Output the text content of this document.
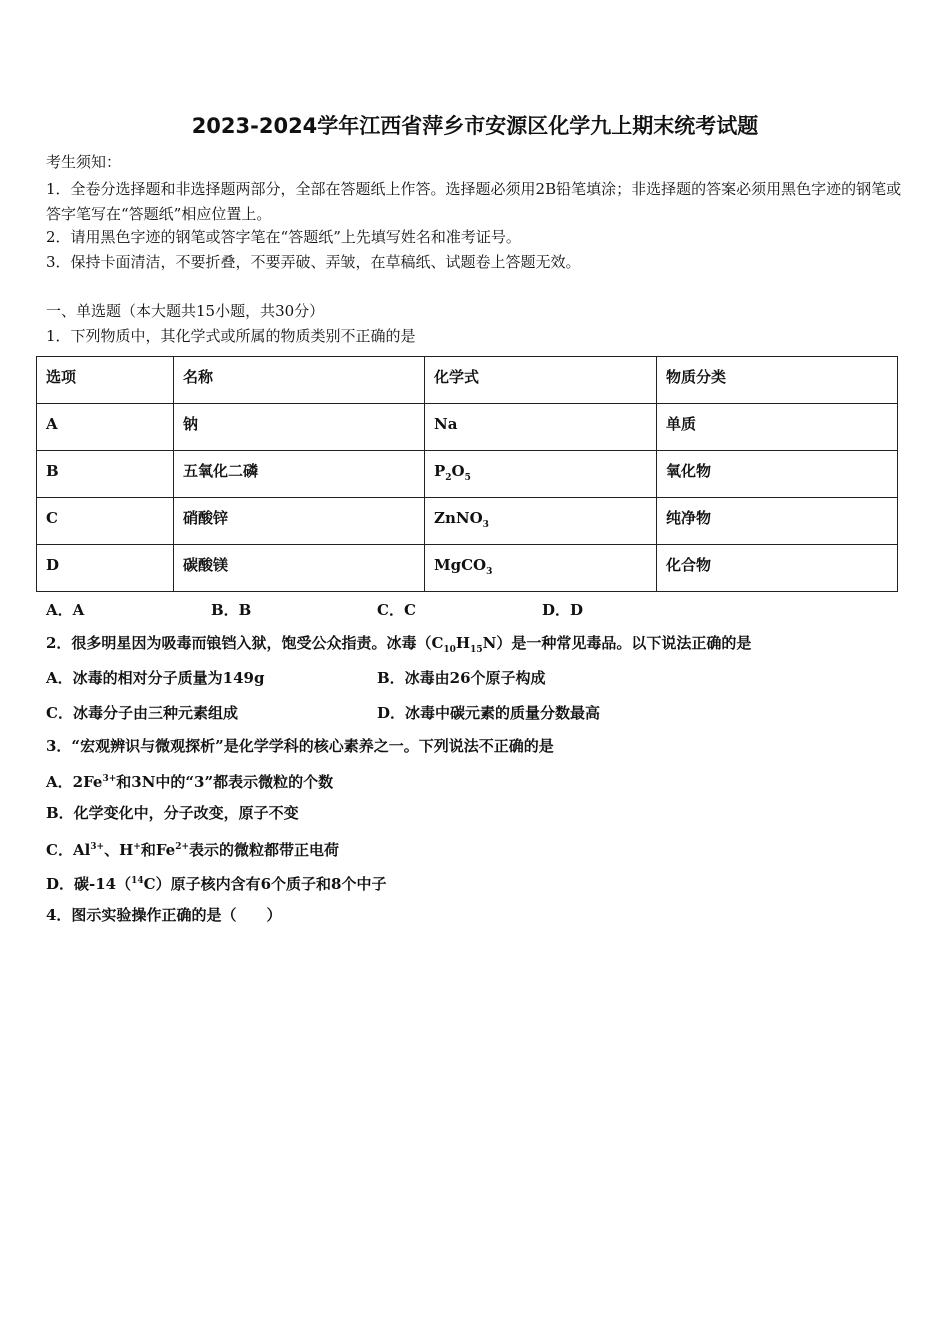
2023-2024学年江西省萍乡市安源区化学九上期末统考试题
考生须知：
1．全卷分选择题和非选择题两部分，全部在答题纸上作答。选择题必须用2B铅笔填涂；非选择题的答案必须用黑色字迹的钢笔或答字笔写在“答题纸”相应位置上。
2．请用黑色字迹的钢笔或答字笔在“答题纸”上先填写姓名和准考证号。
3．保持卡面清洁，不要折叠，不要弄破、弄皱，在草稿纸、试题卷上答题无效。
一、单选题（本大题共15小题，共30分）
1．下列物质中，其化学式或所属的物质类别不正确的是
选项	名称	化学式	物质分类
A	钠	Na	单质
B	五氧化二磷	$P_2O_5$	氧化物
C	硝酸锌	ZnNO$_3$	纯净物
D	碳酸镁	MgCO$_3$	化合物
A．A	B．B	C．C	D．D
2．很多明星因为吸毒而锒铛入狱，饱受公众指责。冰毒$(C_{10}H_{15}N)$是一种常见毒品。以下说法正确的是
A．冰毒的相对分子质量为149g	B．冰毒由26个原子构成
C．冰毒分子由三种元素组成	D．冰毒中碳元素的质量分数最高
3．“宏观辨识与微观探析”是化学学科的核心素养之一。下列说法不正确的是
A．$2Fe^{3+}$和3N中的“3”都表示微粒的个数
B．化学变化中，分子改变，原子不变
C．$Al^{3+}$、H+和$Fe^{2+}$表示的微粒都带正电荷
D．碳-14（$^{14}$C）原子核内含有6个质子和8个中子
4．图示实验操作正确的是（　　）
